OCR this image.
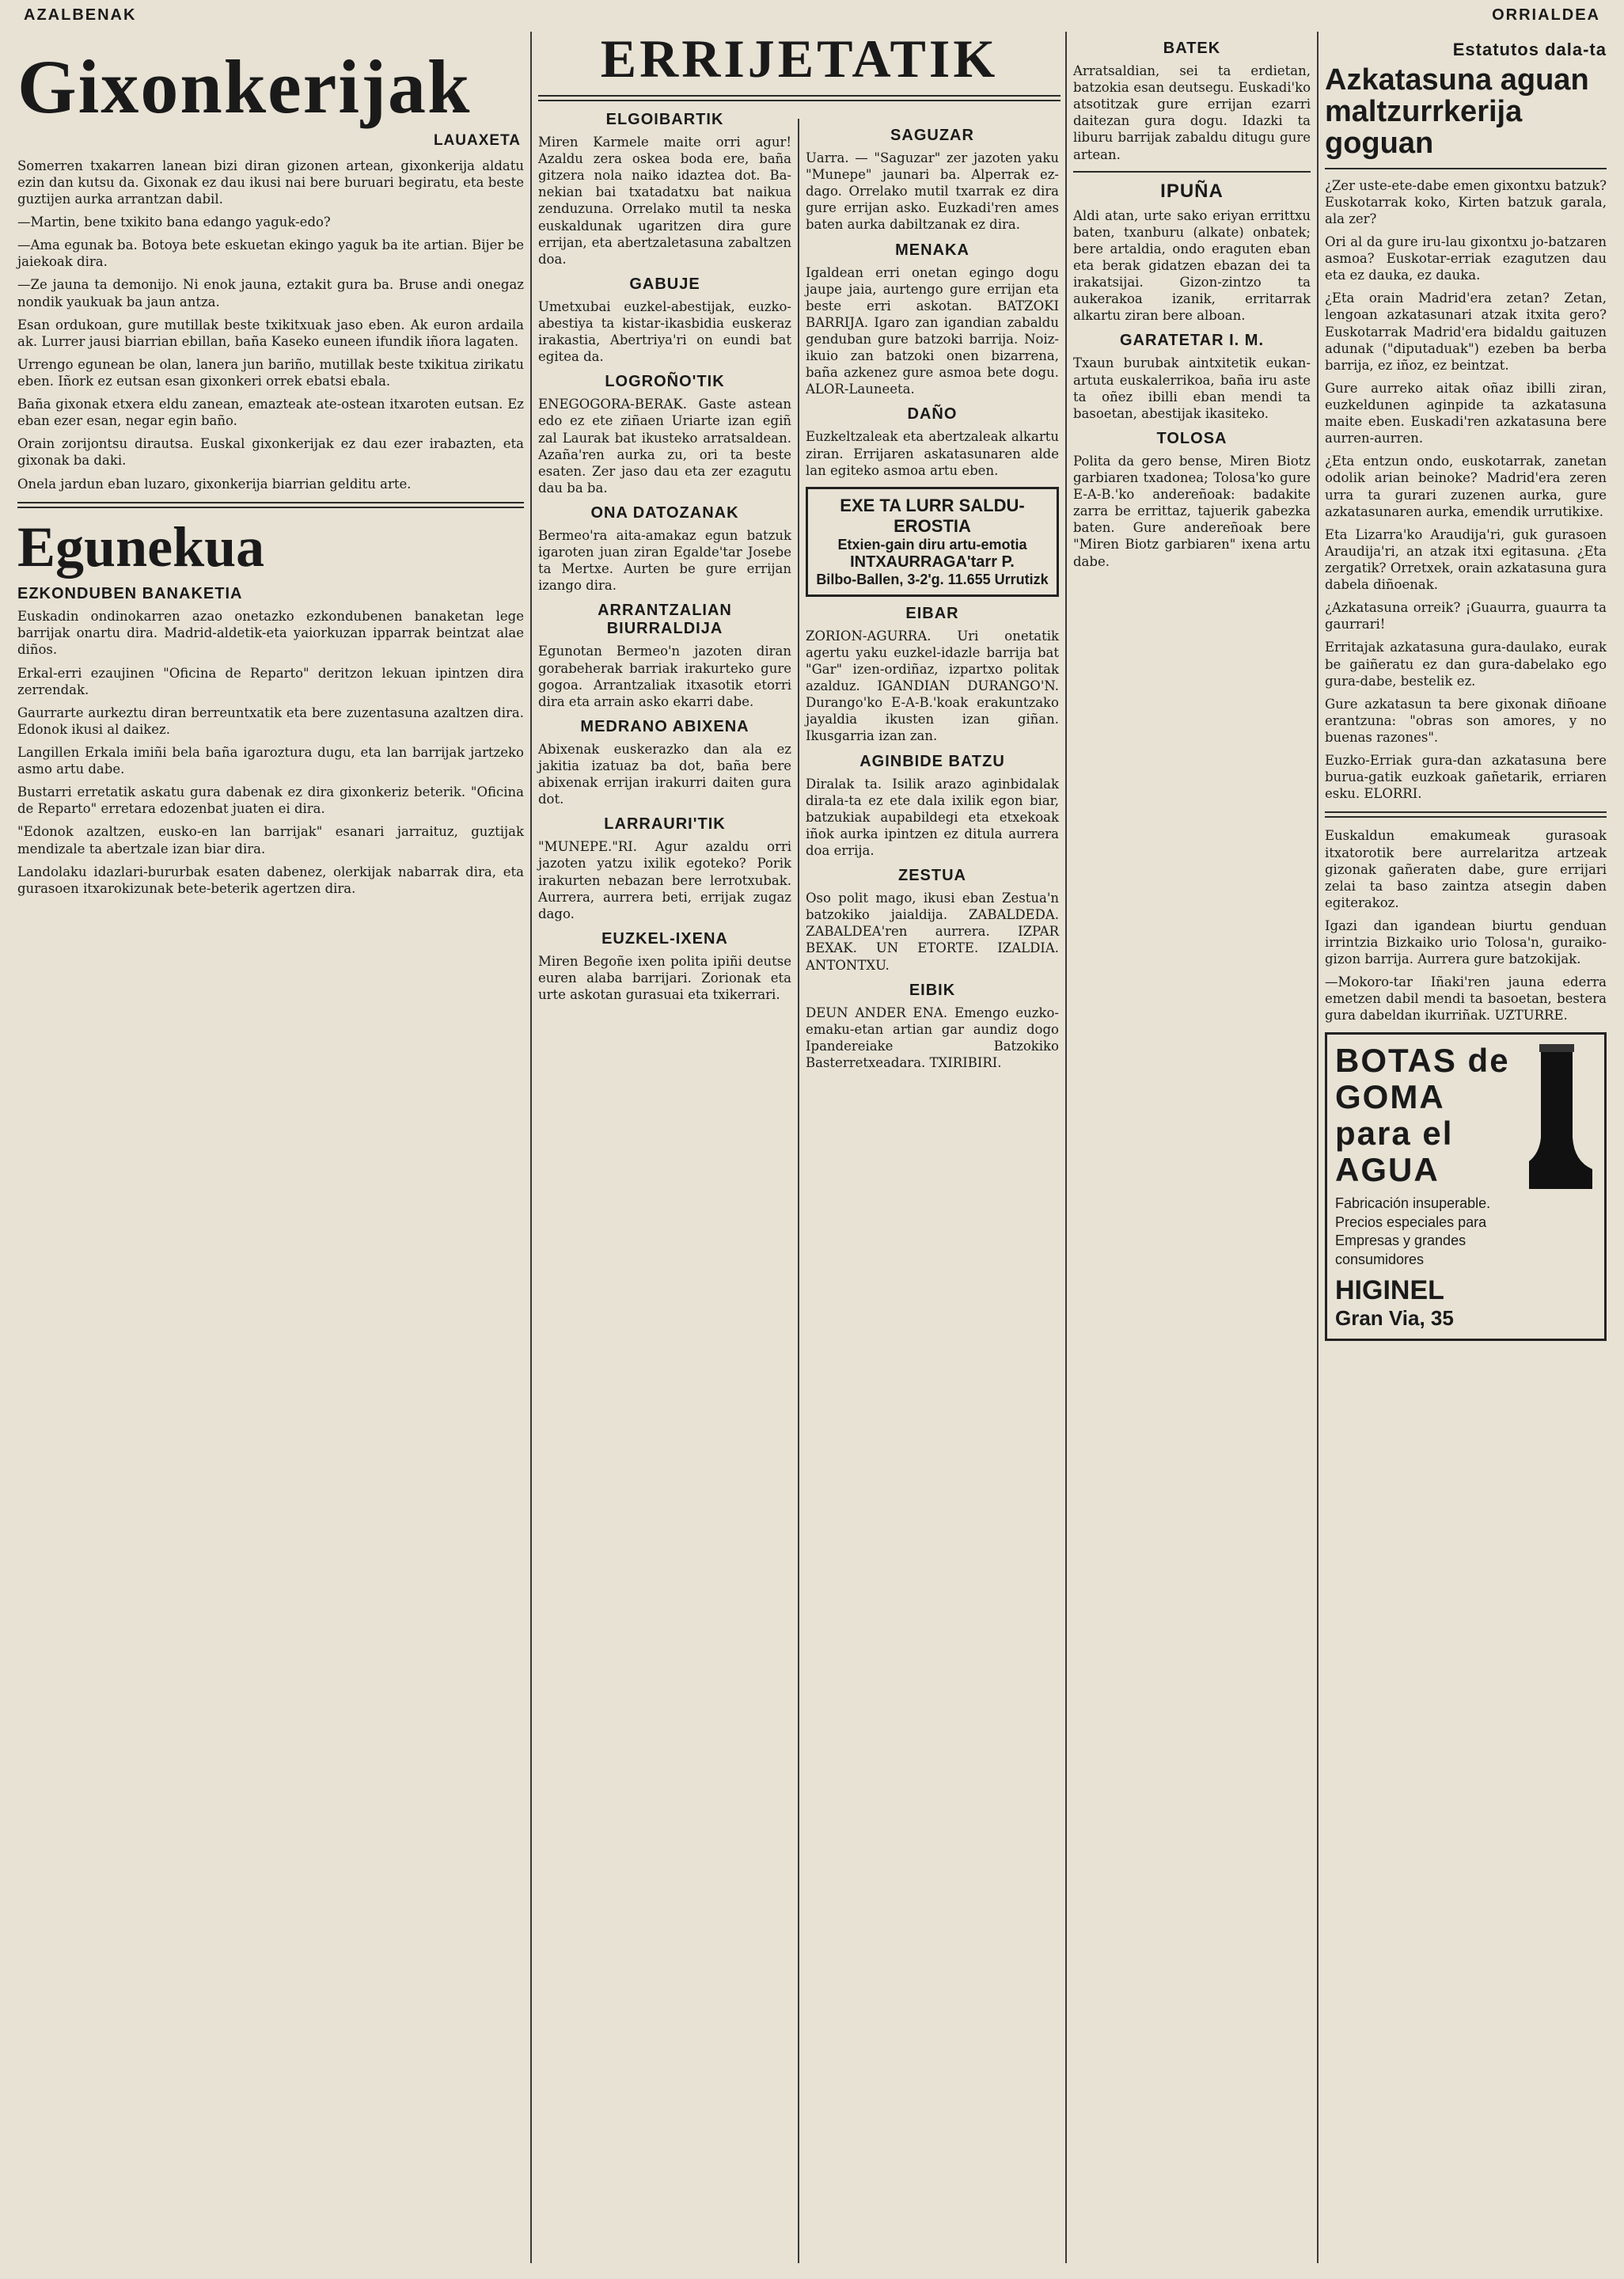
AZALBENAK	ORRIALDEA
Gixonkerijak
LAUAXETA

Somerren txakarren lanean bizi diran gizonen artean, gixonkerija aldatu ezin dan kutsu da. Gixonak ez dau ikusi nai bere buruari begiratu, eta beste guztijen aurka arrantzan dabil.

—Martin, bene txikito bana edango yaguk-edo?

—Ama egunak ba. Botoya bete eskuetan ekingo yaguk ba ite artian. Bijer be jaiekoak dira.

—Ze jauna ta demonijo. Ni enok jauna, eztakit gura ba. Bruse andi onegaz nondik yaukuak ba jaun antza.

Esan ordukoan, gure mutillak beste txikitxuak jaso eben. Ak euron ardaila ak. Lurrer jausi biarrian ebillan, baña Kaseko euneen ifundik iñora lagaten.

Urrengo egunean be olan, lanera jun bariño, mutillak beste txikitua zirikatu eben. Iñork ez eutsan esan gixonkeri orrek ebatsi ebala.

Baña gixonak etxera eldu zanean, emazteak ate-ostean itxaroten eutsan. Ez eban ezer esan, negar egin baño.

Orain zorijontsu dirautsa. Euskal gixonkerijak ez dau ezer irabazten, eta gixonak ba daki.

Onela jardun eban luzaro, gixonkerija biarrian gelditu arte.

Egunekua
EZKONDUBEN BANAKETIA

Euskadin ondinokarren azao onetazko ezkondubenen banaketan lege barrijak onartu dira. Madrid-aldetik-eta yaiorkuzan ipparrak beintzat alae diños.

Erkal-erri ezaujinen "Oficina de Reparto" deritzon lekuan ipintzen dira zerrendak.

Gaurrarte aurkeztu diran berreuntxatik eta bere zuzentasuna azaltzen dira. Edonok ikusi al daikez.

Langillen Erkala imiñi bela baña igaroztura dugu, eta lan barrijak jartzeko asmo artu dabe.

Bustarri erretatik askatu gura dabenak ez dira gixonkeriz beterik. "Oficina de Reparto" erretara edozenbat juaten ei dira.

"Edonok azaltzen, eusko-en lan barrijak" esanari jarraituz, guztijak mendizale ta abertzale izan biar dira.

Landolaku idazlari-bururbak esaten dabenez, olerkijak nabarrak dira, eta gurasoen itxarokizunak bete-beterik agertzen dira.

ERRIJETATIK
ELGOIBARTIK

Miren Karmele maite orri agur! Azaldu zera oskea boda ere, baña gitzera nola naiko idaztea dot. Ba-nekian bai txatadatxu bat naikua zenduzuna. Orrelako mutil ta neska euskaldunak ugaritzen dira gure errijan, eta abertzaletasuna zabaltzen doa.

GABUJE

Umetxubai euzkel-abestijak, euzko-abestiya ta kistar-ikasbidia euskeraz irakastia, Abertriya'ri on eundi bat egitea da.

LOGROÑO'TIK

ENEGOGORA-BERAK. Gaste astean edo ez ete ziñaen Uriarte izan egiñ zal Laurak bat ikusteko arratsaldean. Azaña'ren aurka zu, ori ta beste esaten. Zer jaso dau eta zer ezagutu dau ba ba.

ONA DATOZANAK

Bermeo'ra aita-amakaz egun batzuk igaroten juan ziran Egalde'tar Josebe ta Mertxe. Aurten be gure errijan izango dira.

ARRANTZALIAN BIURRALDIJA

Egunotan Bermeo'n jazoten diran gorabeherak barriak irakurteko gure gogoa. Arrantzaliak itxasotik etorri dira eta arrain asko ekarri dabe.

MEDRANO ABIXENA

Abixenak euskerazko dan ala ez jakitia izatuaz ba dot, baña bere abixenak errijan irakurri daiten gura dot.

LARRAURI'TIK

"MUNEPE."RI. Agur azaldu orri jazoten yatzu ixilik egoteko? Porik irakurten nebazan bere lerrotxubak. Aurrera, aurrera beti, errijak zugaz dago.

EUZKEL-IXENA

Miren Begoñe ixen polita ipiñi deutse euren alaba barrijari. Zorionak eta urte askotan gurasuai eta txikerrari.

SAGUZAR

Uarra. — "Saguzar" zer jazoten yaku "Munepe" jaunari ba. Alperrak ez-dago. Orrelako mutil txarrak ez dira gure errijan asko. Euzkadi'ren ames baten aurka dabiltzanak ez dira.

MENAKA

Igaldean erri onetan egingo dogu jaupe jaia, aurtengo gure errijan eta beste erri askotan. BATZOKI BARRIJA. Igaro zan igandian zabaldu genduban gure batzoki barrija. Noiz-ikuio zan batzoki onen bizarrena, baña azkenez gure asmoa bete dogu. ALOR-Launeeta.

DAÑO

Euzkeltzaleak eta abertzaleak alkartu ziran. Errijaren askatasunaren alde lan egiteko asmoa artu eben.

EXE TA LURR SALDU-EROSTIA
Etxien-gain diru artu-emotia
INTXAURRAGA'tarr P.
Bilbo-Ballen, 3-2'g. 11.655 Urrutizk
EIBAR

ZORION-AGURRA. Uri onetatik agertu yaku euzkel-idazle barrija bat "Gar" izen-ordiñaz, izpartxo politak azalduz. IGANDIAN DURANGO'N. Durango'ko E-A-B.'koak erakuntzako jayaldia ikusten izan giñan. Ikusgarria izan zan.

AGINBIDE BATZU

Diralak ta. Isilik arazo aginbidalak dirala-ta ez ete dala ixilik egon biar, batzukiak aupabildegi eta etxekoak iñok aurka ipintzen ez ditula aurrera doa errija.

ZESTUA

Oso polit mago, ikusi eban Zestua'n batzokiko jaialdija. ZABALDEDA. ZABALDEA'ren aurrera. IZPAR BEXAK. UN ETORTE. IZALDIA. ANTONTXU.

EIBIK

DEUN ANDER ENA. Emengo euzko-emaku-etan artian gar aundiz dogo Ipandereiake Batzokiko Basterretxeadara. TXIRIBIRI.

BATEK

Arratsaldian, sei ta erdietan, batzokia esan deutsegu. Euskadi'ko atsotitzak gure errijan ezarri daitezan gura dogu. Idazki ta liburu barrijak zabaldu ditugu gure artean.

IPUÑA

Aldi atan, urte sako eriyan errittxu baten, txanburu (alkate) onbatek; bere artaldia, ondo eraguten eban eta berak gidatzen ebazan dei ta irakatsijai. Gizon-zintzo ta aukerakoa izanik, erritarrak alkartu ziran bere alboan.

GARATETAR I. M.

Txaun burubak aintxitetik eukan-artuta euskalerrikoa, baña iru aste ta oñez ibilli eban mendi ta basoetan, abestijak ikasiteko.

TOLOSA

Polita da gero bense, Miren Biotz garbiaren txadonea; Tolosa'ko gure E-A-B.'ko andereñoak: badakite zarra be errittaz, tajuerik gabezka baten. Gure andereñoak bere "Miren Biotz garbiaren" ixena artu dabe.

Estatutos dala-ta
Azkatasuna aguan maltzurrkerija goguan

¿Zer uste-ete-dabe emen gixontxu batzuk? Euskotarrak koko, Kirten batzuk garala, ala zer?

Ori al da gure iru-lau gixontxu jo-batzaren asmoa? Euskotar-erriak ezagutzen dau eta ez dauka, ez dauka.

¿Eta orain Madrid'era zetan? Zetan, lengoan azkatasunari atzak itxita gero? Euskotarrak Madrid'era bidaldu gaituzen adunak ("diputaduak") ezeben ba berba barrija, ez iñoz, ez beintzat.

Gure aurreko aitak oñaz ibilli ziran, euzkeldunen aginpide ta azkatasuna maite eben. Euskadi'ren azkatasuna bere aurren-aurren.

¿Eta entzun ondo, euskotarrak, zanetan odolik arian beinoke? Madrid'era zeren urra ta gurari zuzenen aurka, gure azkatasunaren aurka, emendik urrutikixe.

Eta Lizarra'ko Araudija'ri, guk gurasoen Araudija'ri, an atzak itxi egitasuna. ¿Eta zergatik? Orretxek, orain azkatasuna gura dabela diñoenak.

¿Azkatasuna orreik? ¡Guaurra, guaurra ta gaurrari!

Erritajak azkatasuna gura-daulako, eurak be gaiñeratu ez dan gura-dabelako ego gura-dabe, bestelik ez.

Gure azkatasun ta bere gixonak diñoane erantzuna: "obras son amores, y no buenas razones".

Euzko-Erriak gura-dan azkatasuna bere burua-gatik euzkoak gañetarik, erriaren esku. ELORRI.

Euskaldun emakumeak gurasoak itxatorotik bere aurrelaritza artzeak gizonak gañeraten dabe, gure errijari zelai ta baso zaintza atsegin daben egiterakoz.

Igazi dan igandean biurtu genduan irrintzia Bizkaiko urio Tolosa'n, guraiko-gizon barrija. Aurrera gure batzokijak.

—Mokoro-tar Iñaki'ren jauna ederra emetzen dabil mendi ta basoetan, bestera gura dabeldan ikurriñak. UZTURRE.

BOTAS de GOMA para el AGUA
Fabricación insuperable. Precios especiales para Empresas y grandes consumidores
HIGINEL
Gran Via, 35
